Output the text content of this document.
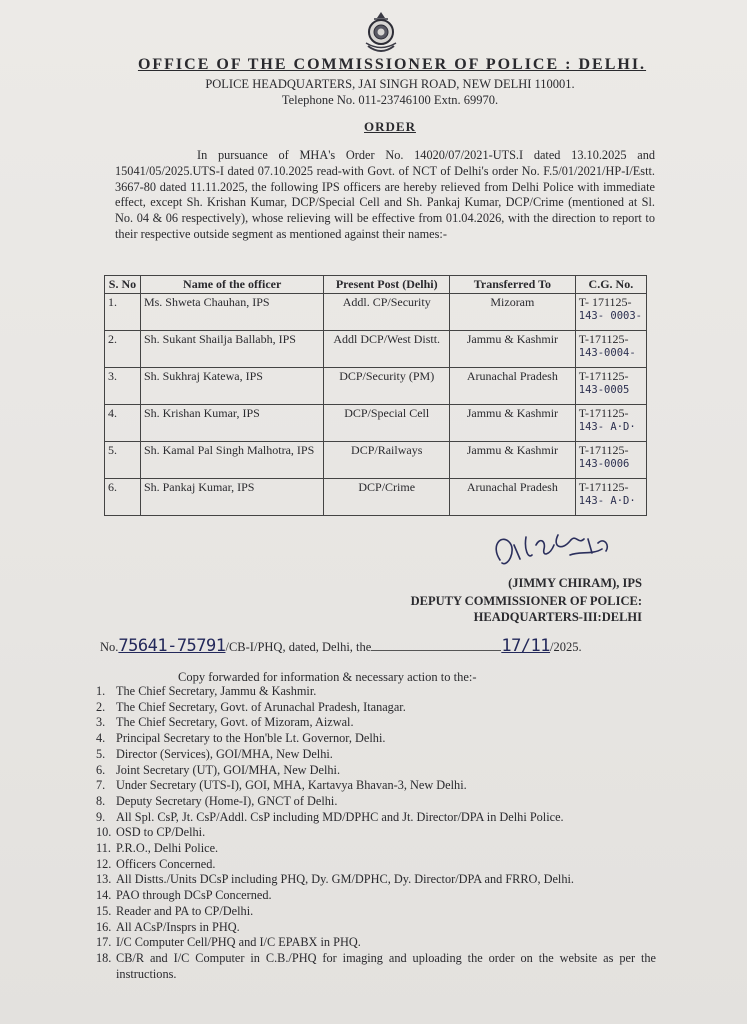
OFFICE OF THE COMMISSIONER OF POLICE : DELHI.
POLICE HEADQUARTERS, JAI SINGH ROAD, NEW DELHI 110001.
Telephone No. 011-23746100 Extn. 69970.
ORDER

In pursuance of MHA's Order No. 14020/07/2021-UTS.I dated 13.10.2025 and 15041/05/2025.UTS-I dated 07.10.2025 read-with Govt. of NCT of Delhi's order No. F.5/01/2021/HP-I/Estt. 3667-80 dated 11.11.2025, the following IPS officers are hereby relieved from Delhi Police with immediate effect, except Sh. Krishan Kumar, DCP/Special Cell and Sh. Pankaj Kumar, DCP/Crime (mentioned at Sl. No. 04 & 06 respectively), whose relieving will be effective from 01.04.2026, with the direction to report to their respective outside segment as mentioned against their names:-

S. No	Name of the officer	Present Post (Delhi)	Transferred To	C.G. No.
1.	Ms. Shweta Chauhan, IPS	Addl. CP/Security	Mizoram	T- 171125-
143- 0003-

2.	Sh. Sukant Shailja Ballabh, IPS	Addl DCP/West Distt.	Jammu & Kashmir	T-171125-
143-0004-

3.	Sh. Sukhraj Katewa, IPS	DCP/Security (PM)	Arunachal Pradesh	T-171125-
143-0005

4.	Sh. Krishan Kumar, IPS	DCP/Special Cell	Jammu & Kashmir	T-171125-
143- A·D·

5.	Sh. Kamal Pal Singh Malhotra, IPS	DCP/Railways	Jammu & Kashmir	T-171125-
143-0006

6.	Sh. Pankaj Kumar, IPS	DCP/Crime	Arunachal Pradesh	T-171125-
143- A·D·
(JIMMY CHIRAM), IPS
DEPUTY COMMISSIONER OF POLICE:
HEADQUARTERS-III:DELHI
No.75641-75791/CB-I/PHQ, dated, Delhi, the	17/11/2025.
Copy forwarded for information & necessary action to the:-
1. The Chief Secretary, Jammu & Kashmir.
2. The Chief Secretary, Govt. of Arunachal Pradesh, Itanagar.
3. The Chief Secretary, Govt. of Mizoram, Aizwal.
4. Principal Secretary to the Hon'ble Lt. Governor, Delhi.
5. Director (Services), GOI/MHA, New Delhi.
6. Joint Secretary (UT), GOI/MHA, New Delhi.
7. Under Secretary (UTS-I), GOI, MHA, Kartavya Bhavan-3, New Delhi.
8. Deputy Secretary (Home-I), GNCT of Delhi.
9. All Spl. CsP, Jt. CsP/Addl. CsP including MD/DPHC and Jt. Director/DPA in Delhi Police.
10. OSD to CP/Delhi.
11. P.R.O., Delhi Police.
12. Officers Concerned.
13. All Distts./Units DCsP including PHQ, Dy. GM/DPHC, Dy. Director/DPA and FRRO, Delhi.
14. PAO through DCsP Concerned.
15. Reader and PA to CP/Delhi.
16. All ACsP/Insprs in PHQ.
17. I/C Computer Cell/PHQ and I/C EPABX in PHQ.
18. CB/R and I/C Computer in C.B./PHQ for imaging and uploading the order on the website as per the instructions.
